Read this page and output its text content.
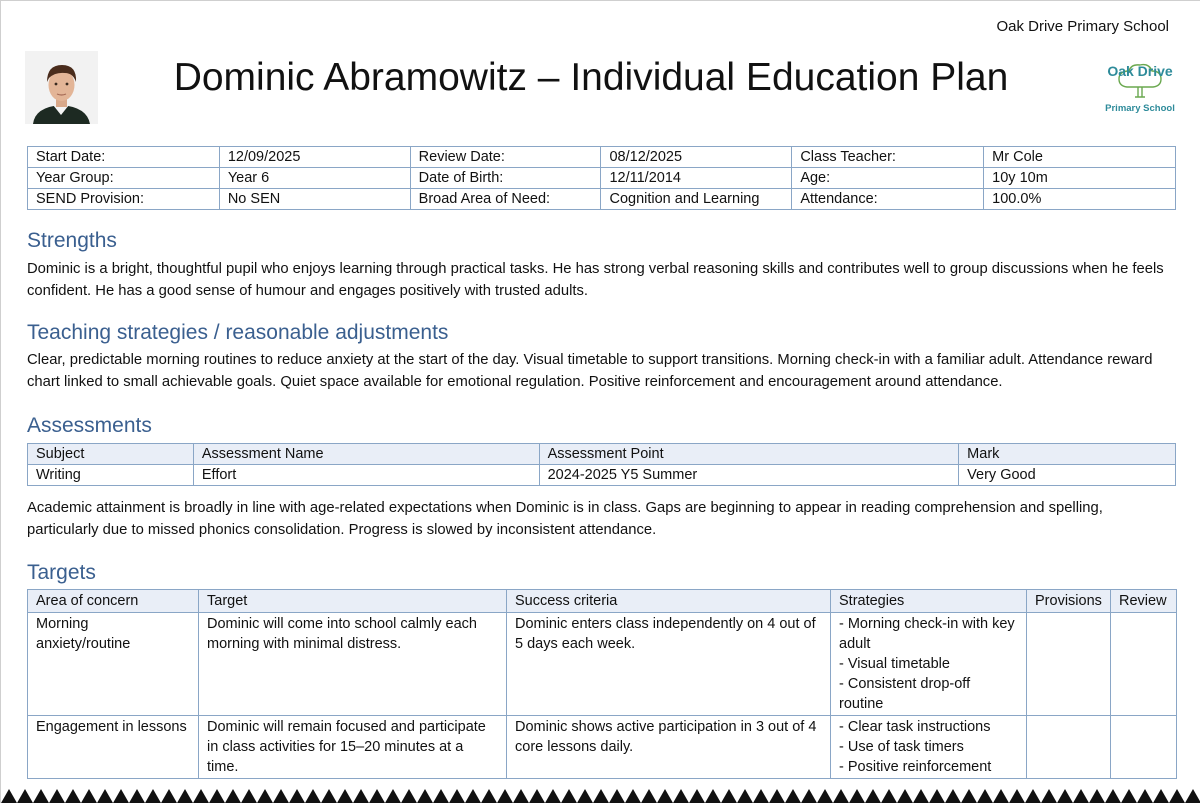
Oak Drive Primary School
Dominic Abramowitz – Individual Education Plan	Oak Drive
Primary School
Start Date:	12/09/2025	Review Date:	08/12/2025	Class Teacher:	Mr Cole
Year Group:	Year 6	Date of Birth:	12/11/2014	Age:	10y 10m
SEND Provision:	No SEN	Broad Area of Need:	Cognition and Learning	Attendance:	100.0%
Strengths
Dominic is a bright, thoughtful pupil who enjoys learning through practical tasks. He has strong verbal reasoning skills and contributes well to group discussions when he feels confident. He has a good sense of humour and engages positively with trusted adults.
Teaching strategies / reasonable adjustments
Clear, predictable morning routines to reduce anxiety at the start of the day. Visual timetable to support transitions. Morning check-in with a familiar adult. Attendance reward chart linked to small achievable goals. Quiet space available for emotional regulation. Positive reinforcement and encouragement around attendance.
Assessments
Subject	Assessment Name	Assessment Point	Mark
Writing	Effort	2024-2025 Y5 Summer	Very Good
Academic attainment is broadly in line with age-related expectations when Dominic is in class. Gaps are beginning to appear in reading comprehension and spelling, particularly due to missed phonics consolidation. Progress is slowed by inconsistent attendance.
Targets
Area of concern	Target	Success criteria	Strategies	Provisions	Review

Morning anxiety/routine	Dominic will come into school calmly each morning with minimal distress.	Dominic enters class independently on 4 out of 5 days each week.	- Morning check-in with key adult
- Visual timetable
- Consistent drop-off routine		

Engagement in lessons	Dominic will remain focused and participate in class activities for 15–20 minutes at a time.	Dominic shows active participation in 3 out of 4 core lessons daily.	- Clear task instructions
- Use of task timers
- Positive reinforcement		
